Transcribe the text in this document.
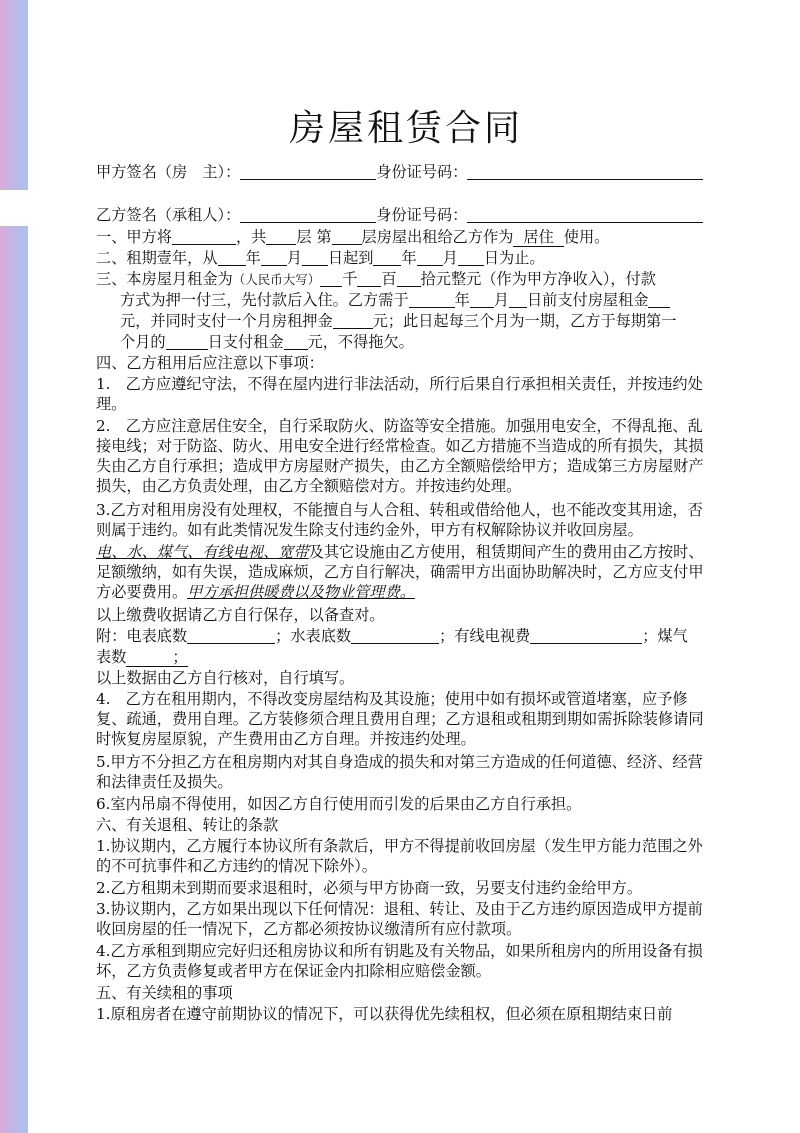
房屋租赁合同
甲方签名（房　主）：	身份证号码：
乙方签名（承租人）：	身份证号码：
一、甲方将	，共 层 第 层房屋出租给乙方作为 居住 使用。
二、租期壹年，从 年 月 日起到 年 月 日为止。
三、本房屋月租金为（人民币大写） 千 百 拾元整元（作为甲方净收入），付款
方式为押一付三，先付款后入住。乙方需于	年 月 日前支付房屋租金
元，并同时支付一个月房租押金	元；此日起每三个月为一期，乙方于每期第一
个月的	日支付租金 元，不得拖欠。
四、乙方租用后应注意以下事项：
1.　乙方应遵纪守法，不得在屋内进行非法活动，所行后果自行承担相关责任，并按违约处理。
2.　乙方应注意居住安全，自行采取防火、防盗等安全措施。加强用电安全，不得乱拖、乱接电线；对于防盗、防火、用电安全进行经常检查。如乙方措施不当造成的所有损失，其损失由乙方自行承担；造成甲方房屋财产损失，由乙方全额赔偿给甲方；造成第三方房屋财产损失，由乙方负责处理，由乙方全额赔偿对方。并按违约处理。
3.乙方对租用房没有处理权，不能擅自与人合租、转租或借给他人，也不能改变其用途，否则属于违约。如有此类情况发生除支付违约金外，甲方有权解除协议并收回房屋。
电、水、煤气、有线电视、宽带及其它设施由乙方使用，租赁期间产生的费用由乙方按时、足额缴纳，如有失误，造成麻烦，乙方自行解决，确需甲方出面协助解决时，乙方应支付甲方必要费用。甲方承担供暖费以及物业管理费。
以上缴费收据请乙方自行保存，以备查对。
附：电表底数	；水表底数	；有线电视费	；煤气
表数	；
以上数据由乙方自行核对，自行填写。
4.　乙方在租用期内，不得改变房屋结构及其设施；使用中如有损坏或管道堵塞，应予修复、疏通，费用自理。乙方装修须合理且费用自理；乙方退租或租期到期如需拆除装修请同时恢复房屋原貌，产生费用由乙方自理。并按违约处理。
5.甲方不分担乙方在租房期内对其自身造成的损失和对第三方造成的任何道德、经济、经营和法律责任及损失。
6.室内吊扇不得使用，如因乙方自行使用而引发的后果由乙方自行承担。
六、有关退租、转让的条款
1.协议期内，乙方履行本协议所有条款后，甲方不得提前收回房屋（发生甲方能力范围之外的不可抗事件和乙方违约的情况下除外）。
2.乙方租期未到期而要求退租时，必须与甲方协商一致，另要支付违约金给甲方。
3.协议期内，乙方如果出现以下任何情况：退租、转让、及由于乙方违约原因造成甲方提前收回房屋的任一情况下，乙方都必须按协议缴清所有应付款项。
4.乙方承租到期应完好归还租房协议和所有钥匙及有关物品，如果所租房内的所用设备有损坏，乙方负责修复或者甲方在保证金内扣除相应赔偿金额。
五、有关续租的事项
1.原租房者在遵守前期协议的情况下，可以获得优先续租权，但必须在原租期结束日前
